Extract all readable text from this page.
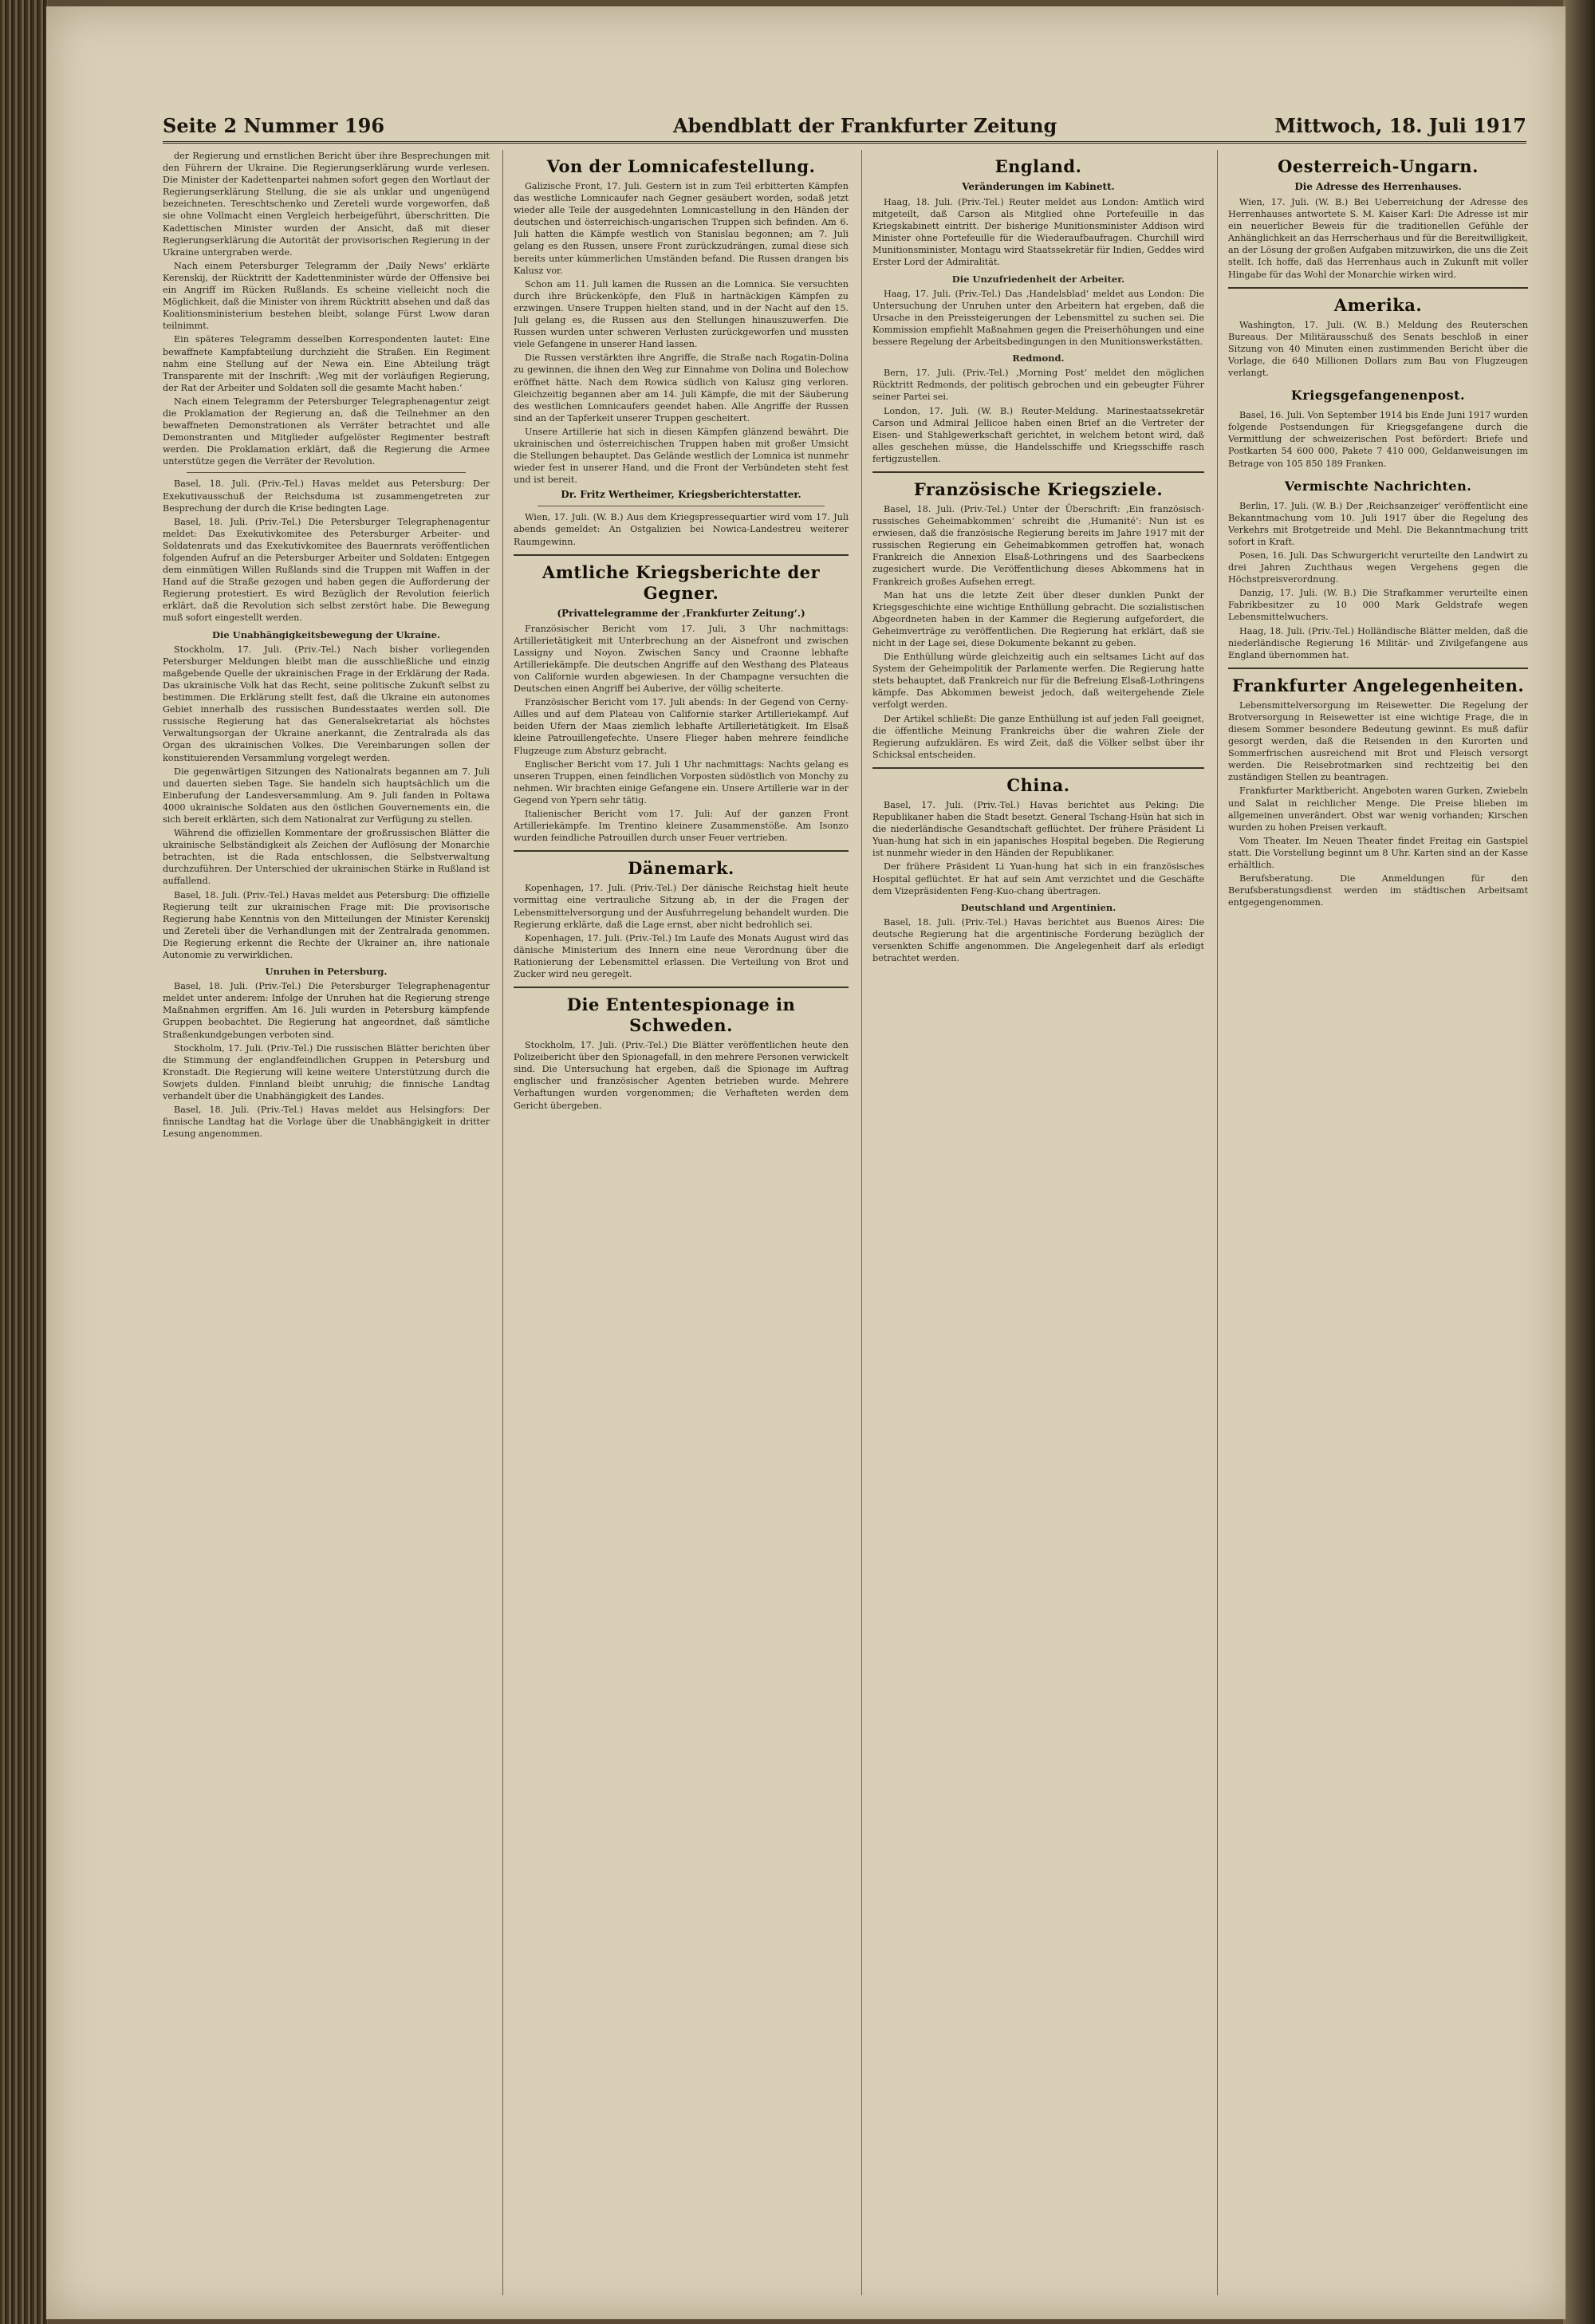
Seite 2 Nummer 196	Abendblatt der Frankfurter Zeitung	Mittwoch, 18. Juli 1917

der Regierung und ernstlichen Bericht über ihre Besprechungen mit den Führern der Ukraine. Die Regierungserklärung wurde verlesen. Die Minister der Kadettenpartei nahmen sofort gegen den Wortlaut der Regierungserklärung Stellung, die sie als unklar und ungenügend bezeichneten. Tereschtschenko und Zereteli wurde vorgeworfen, daß sie ohne Vollmacht einen Vergleich herbeigeführt, überschritten. Die Kadettischen Minister wurden der Ansicht, daß mit dieser Regierungserklärung die Autorität der provisorischen Regierung in der Ukraine untergraben werde.

Nach einem Petersburger Telegramm der ‚Daily News‘ erklärte Kerenskij, der Rücktritt der Kadettenminister würde der Offensive bei ein Angriff im Rücken Rußlands. Es scheine vielleicht noch die Möglichkeit, daß die Minister von ihrem Rücktritt absehen und daß das Koalitionsministerium bestehen bleibt, solange Fürst Lwow daran teilnimmt.

Ein späteres Telegramm desselben Korrespondenten lautet: Eine bewaffnete Kampfabteilung durchzieht die Straßen. Ein Regiment nahm eine Stellung auf der Newa ein. Eine Abteilung trägt Transparente mit der Inschrift: ‚Weg mit der vorläufigen Regierung, der Rat der Arbeiter und Soldaten soll die gesamte Macht haben.‘

Nach einem Telegramm der Petersburger Telegraphenagentur zeigt die Proklamation der Regierung an, daß die Teilnehmer an den bewaffneten Demonstrationen als Verräter betrachtet und alle Demonstranten und Mitglieder aufgelöster Regimenter bestraft werden. Die Proklamation erklärt, daß die Regierung die Armee unterstütze gegen die Verräter der Revolution.

Basel, 18. Juli. (Priv.-Tel.) Havas meldet aus Petersburg: Der Exekutivausschuß der Reichsduma ist zusammengetreten zur Besprechung der durch die Krise bedingten Lage.

Basel, 18. Juli. (Priv.-Tel.) Die Petersburger Telegraphenagentur meldet: Das Exekutivkomitee des Petersburger Arbeiter- und Soldatenrats und das Exekutivkomitee des Bauernrats veröffentlichen folgenden Aufruf an die Petersburger Arbeiter und Soldaten: Entgegen dem einmütigen Willen Rußlands sind die Truppen mit Waffen in der Hand auf die Straße gezogen und haben gegen die Aufforderung der Regierung protestiert. Es wird Bezüglich der Revolution feierlich erklärt, daß die Revolution sich selbst zerstört habe. Die Bewegung muß sofort eingestellt werden.

Die Unabhängigkeitsbewegung der Ukraine.

Stockholm, 17. Juli. (Priv.-Tel.) Nach bisher vorliegenden Petersburger Meldungen bleibt man die ausschließliche und einzig maßgebende Quelle der ukrainischen Frage in der Erklärung der Rada. Das ukrainische Volk hat das Recht, seine politische Zukunft selbst zu bestimmen. Die Erklärung stellt fest, daß die Ukraine ein autonomes Gebiet innerhalb des russischen Bundesstaates werden soll. Die russische Regierung hat das Generalsekretariat als höchstes Verwaltungsorgan der Ukraine anerkannt, die Zentralrada als das Organ des ukrainischen Volkes. Die Vereinbarungen sollen der konstituierenden Versammlung vorgelegt werden.

Die gegenwärtigen Sitzungen des Nationalrats begannen am 7. Juli und dauerten sieben Tage. Sie handeln sich hauptsächlich um die Einberufung der Landesversammlung. Am 9. Juli fanden in Poltawa 4000 ukrainische Soldaten aus den östlichen Gouvernements ein, die sich bereit erklärten, sich dem Nationalrat zur Verfügung zu stellen.

Während die offiziellen Kommentare der großrussischen Blätter die ukrainische Selbständigkeit als Zeichen der Auflösung der Monarchie betrachten, ist die Rada entschlossen, die Selbstverwaltung durchzuführen. Der Unterschied der ukrainischen Stärke in Rußland ist auffallend.

Basel, 18. Juli. (Priv.-Tel.) Havas meldet aus Petersburg: Die offizielle Regierung teilt zur ukrainischen Frage mit: Die provisorische Regierung habe Kenntnis von den Mitteilungen der Minister Kerenskij und Zereteli über die Verhandlungen mit der Zentralrada genommen. Die Regierung erkennt die Rechte der Ukrainer an, ihre nationale Autonomie zu verwirklichen.

Unruhen in Petersburg.

Basel, 18. Juli. (Priv.-Tel.) Die Petersburger Telegraphenagentur meldet unter anderem: Infolge der Unruhen hat die Regierung strenge Maßnahmen ergriffen. Am 16. Juli wurden in Petersburg kämpfende Gruppen beobachtet. Die Regierung hat angeordnet, daß sämtliche Straßenkundgebungen verboten sind.

Stockholm, 17. Juli. (Priv.-Tel.) Die russischen Blätter berichten über die Stimmung der englandfeindlichen Gruppen in Petersburg und Kronstadt. Die Regierung will keine weitere Unterstützung durch die Sowjets dulden. Finnland bleibt unruhig; die finnische Landtag verhandelt über die Unabhängigkeit des Landes.

Basel, 18. Juli. (Priv.-Tel.) Havas meldet aus Helsingfors: Der finnische Landtag hat die Vorlage über die Unabhängigkeit in dritter Lesung angenommen.

Von der Lomnicafestellung.

Galizische Front, 17. Juli. Gestern ist in zum Teil erbitterten Kämpfen das westliche Lomnicaufer nach Gegner gesäubert worden, sodaß jetzt wieder alle Teile der ausgedehnten Lomnicastellung in den Händen der deutschen und österreichisch-ungarischen Truppen sich befinden. Am 6. Juli hatten die Kämpfe westlich von Stanislau begonnen; am 7. Juli gelang es den Russen, unsere Front zurückzudrängen, zumal diese sich bereits unter kümmerlichen Umständen befand. Die Russen drangen bis Kalusz vor.

Schon am 11. Juli kamen die Russen an die Lomnica. Sie versuchten durch ihre Brückenköpfe, den Fluß in hartnäckigen Kämpfen zu erzwingen. Unsere Truppen hielten stand, und in der Nacht auf den 15. Juli gelang es, die Russen aus den Stellungen hinauszuwerfen. Die Russen wurden unter schweren Verlusten zurückgeworfen und mussten viele Gefangene in unserer Hand lassen.

Die Russen verstärkten ihre Angriffe, die Straße nach Rogatin-Dolina zu gewinnen, die ihnen den Weg zur Einnahme von Dolina und Bolechow eröffnet hätte. Nach dem Rowica südlich von Kalusz ging verloren. Gleichzeitig begannen aber am 14. Juli Kämpfe, die mit der Säuberung des westlichen Lomnicaufers geendet haben. Alle Angriffe der Russen sind an der Tapferkeit unserer Truppen gescheitert.

Unsere Artillerie hat sich in diesen Kämpfen glänzend bewährt. Die ukrainischen und österreichischen Truppen haben mit großer Umsicht die Stellungen behauptet. Das Gelände westlich der Lomnica ist nunmehr wieder fest in unserer Hand, und die Front der Verbündeten steht fest und ist bereit.

Dr. Fritz Wertheimer, Kriegsberichterstatter.

Wien, 17. Juli. (W. B.) Aus dem Kriegspressequartier wird vom 17. Juli abends gemeldet: An Ostgalizien bei Nowica-Landestreu weiterer Raumgewinn.

Amtliche Kriegsberichte der Gegner.
(Privattelegramme der ‚Frankfurter Zeitung‘.)

Französischer Bericht vom 17. Juli, 3 Uhr nachmittags: Artillerietätigkeit mit Unterbrechung an der Aisnefront und zwischen Lassigny und Noyon. Zwischen Sancy und Craonne lebhafte Artilleriekämpfe. Die deutschen Angriffe auf den Westhang des Plateaus von Californie wurden abgewiesen. In der Champagne versuchten die Deutschen einen Angriff bei Auberive, der völlig scheiterte.

Französischer Bericht vom 17. Juli abends: In der Gegend von Cerny-Ailles und auf dem Plateau von Californie starker Artilleriekampf. Auf beiden Ufern der Maas ziemlich lebhafte Artillerietätigkeit. Im Elsaß kleine Patrouillengefechte. Unsere Flieger haben mehrere feindliche Flugzeuge zum Absturz gebracht.

Englischer Bericht vom 17. Juli 1 Uhr nachmittags: Nachts gelang es unseren Truppen, einen feindlichen Vorposten südöstlich von Monchy zu nehmen. Wir brachten einige Gefangene ein. Unsere Artillerie war in der Gegend von Ypern sehr tätig.

Italienischer Bericht vom 17. Juli: Auf der ganzen Front Artilleriekämpfe. Im Trentino kleinere Zusammenstöße. Am Isonzo wurden feindliche Patrouillen durch unser Feuer vertrieben.

Dänemark.

Kopenhagen, 17. Juli. (Priv.-Tel.) Der dänische Reichstag hielt heute vormittag eine vertrauliche Sitzung ab, in der die Fragen der Lebensmittelversorgung und der Ausfuhrregelung behandelt wurden. Die Regierung erklärte, daß die Lage ernst, aber nicht bedrohlich sei.

Kopenhagen, 17. Juli. (Priv.-Tel.) Im Laufe des Monats August wird das dänische Ministerium des Innern eine neue Verordnung über die Rationierung der Lebensmittel erlassen. Die Verteilung von Brot und Zucker wird neu geregelt.

Die Ententespionage in Schweden.

Stockholm, 17. Juli. (Priv.-Tel.) Die Blätter veröffentlichen heute den Polizeibericht über den Spionagefall, in den mehrere Personen verwickelt sind. Die Untersuchung hat ergeben, daß die Spionage im Auftrag englischer und französischer Agenten betrieben wurde. Mehrere Verhaftungen wurden vorgenommen; die Verhafteten werden dem Gericht übergeben.

England.
Veränderungen im Kabinett.

Haag, 18. Juli. (Priv.-Tel.) Reuter meldet aus London: Amtlich wird mitgeteilt, daß Carson als Mitglied ohne Portefeuille in das Kriegskabinett eintritt. Der bisherige Munitionsminister Addison wird Minister ohne Portefeuille für die Wiederaufbaufragen. Churchill wird Munitionsminister, Montagu wird Staatssekretär für Indien, Geddes wird Erster Lord der Admiralität.

Die Unzufriedenheit der Arbeiter.

Haag, 17. Juli. (Priv.-Tel.) Das ‚Handelsblad‘ meldet aus London: Die Untersuchung der Unruhen unter den Arbeitern hat ergeben, daß die Ursache in den Preissteigerungen der Lebensmittel zu suchen sei. Die Kommission empfiehlt Maßnahmen gegen die Preiserhöhungen und eine bessere Regelung der Arbeitsbedingungen in den Munitionswerkstätten.

Redmond.

Bern, 17. Juli. (Priv.-Tel.) ‚Morning Post‘ meldet den möglichen Rücktritt Redmonds, der politisch gebrochen und ein gebeugter Führer seiner Partei sei.

London, 17. Juli. (W. B.) Reuter-Meldung. Marinestaatssekretär Carson und Admiral Jellicoe haben einen Brief an die Vertreter der Eisen- und Stahlgewerkschaft gerichtet, in welchem betont wird, daß alles geschehen müsse, die Handelsschiffe und Kriegsschiffe rasch fertigzustellen.

Französische Kriegsziele.

Basel, 18. Juli. (Priv.-Tel.) Unter der Überschrift: ‚Ein französisch-russisches Geheimabkommen‘ schreibt die ‚Humanité‘: Nun ist es erwiesen, daß die französische Regierung bereits im Jahre 1917 mit der russischen Regierung ein Geheimabkommen getroffen hat, wonach Frankreich die Annexion Elsaß-Lothringens und des Saarbeckens zugesichert wurde. Die Veröffentlichung dieses Abkommens hat in Frankreich großes Aufsehen erregt.

Man hat uns die letzte Zeit über dieser dunklen Punkt der Kriegsgeschichte eine wichtige Enthüllung gebracht. Die sozialistischen Abgeordneten haben in der Kammer die Regierung aufgefordert, die Geheimverträge zu veröffentlichen. Die Regierung hat erklärt, daß sie nicht in der Lage sei, diese Dokumente bekannt zu geben.

Die Enthüllung würde gleichzeitig auch ein seltsames Licht auf das System der Geheimpolitik der Parlamente werfen. Die Regierung hatte stets behauptet, daß Frankreich nur für die Befreiung Elsaß-Lothringens kämpfe. Das Abkommen beweist jedoch, daß weitergehende Ziele verfolgt werden.

Der Artikel schließt: Die ganze Enthüllung ist auf jeden Fall geeignet, die öffentliche Meinung Frankreichs über die wahren Ziele der Regierung aufzuklären. Es wird Zeit, daß die Völker selbst über ihr Schicksal entscheiden.

China.

Basel, 17. Juli. (Priv.-Tel.) Havas berichtet aus Peking: Die Republikaner haben die Stadt besetzt. General Tschang-Hsün hat sich in die niederländische Gesandtschaft geflüchtet. Der frühere Präsident Li Yuan-hung hat sich in ein japanisches Hospital begeben. Die Regierung ist nunmehr wieder in den Händen der Republikaner.

Der frühere Präsident Li Yuan-hung hat sich in ein französisches Hospital geflüchtet. Er hat auf sein Amt verzichtet und die Geschäfte dem Vizepräsidenten Feng-Kuo-chang übertragen.

Deutschland und Argentinien.

Basel, 18. Juli. (Priv.-Tel.) Havas berichtet aus Buenos Aires: Die deutsche Regierung hat die argentinische Forderung bezüglich der versenkten Schiffe angenommen. Die Angelegenheit darf als erledigt betrachtet werden.

Oesterreich-Ungarn.
Die Adresse des Herrenhauses.

Wien, 17. Juli. (W. B.) Bei Ueberreichung der Adresse des Herrenhauses antwortete S. M. Kaiser Karl: Die Adresse ist mir ein neuerlicher Beweis für die traditionellen Gefühle der Anhänglichkeit an das Herrscherhaus und für die Bereitwilligkeit, an der Lösung der großen Aufgaben mitzuwirken, die uns die Zeit stellt. Ich hoffe, daß das Herrenhaus auch in Zukunft mit voller Hingabe für das Wohl der Monarchie wirken wird.

Amerika.

Washington, 17. Juli. (W. B.) Meldung des Reuterschen Bureaus. Der Militärausschuß des Senats beschloß in einer Sitzung von 40 Minuten einen zustimmenden Bericht über die Vorlage, die 640 Millionen Dollars zum Bau von Flugzeugen verlangt.

Kriegsgefangenenpost.

Basel, 16. Juli. Von September 1914 bis Ende Juni 1917 wurden folgende Postsendungen für Kriegsgefangene durch die Vermittlung der schweizerischen Post befördert: Briefe und Postkarten 54 600 000, Pakete 7 410 000, Geldanweisungen im Betrage von 105 850 189 Franken.

Vermischte Nachrichten.

Berlin, 17. Juli. (W. B.) Der ‚Reichsanzeiger‘ veröffentlicht eine Bekanntmachung vom 10. Juli 1917 über die Regelung des Verkehrs mit Brotgetreide und Mehl. Die Bekanntmachung tritt sofort in Kraft.

Posen, 16. Juli. Das Schwurgericht verurteilte den Landwirt zu drei Jahren Zuchthaus wegen Vergehens gegen die Höchstpreisverordnung.

Danzig, 17. Juli. (W. B.) Die Strafkammer verurteilte einen Fabrikbesitzer zu 10 000 Mark Geldstrafe wegen Lebensmittelwuchers.

Haag, 18. Juli. (Priv.-Tel.) Holländische Blätter melden, daß die niederländische Regierung 16 Militär- und Zivilgefangene aus England übernommen hat.

Frankfurter Angelegenheiten.

Lebensmittelversorgung im Reisewetter. Die Regelung der Brotversorgung in Reisewetter ist eine wichtige Frage, die in diesem Sommer besondere Bedeutung gewinnt. Es muß dafür gesorgt werden, daß die Reisenden in den Kurorten und Sommerfrischen ausreichend mit Brot und Fleisch versorgt werden. Die Reisebrotmarken sind rechtzeitig bei den zuständigen Stellen zu beantragen.

Frankfurter Marktbericht. Angeboten waren Gurken, Zwiebeln und Salat in reichlicher Menge. Die Preise blieben im allgemeinen unverändert. Obst war wenig vorhanden; Kirschen wurden zu hohen Preisen verkauft.

Vom Theater. Im Neuen Theater findet Freitag ein Gastspiel statt. Die Vorstellung beginnt um 8 Uhr. Karten sind an der Kasse erhältlich.

Berufsberatung. Die Anmeldungen für den Berufsberatungsdienst werden im städtischen Arbeitsamt entgegengenommen.
